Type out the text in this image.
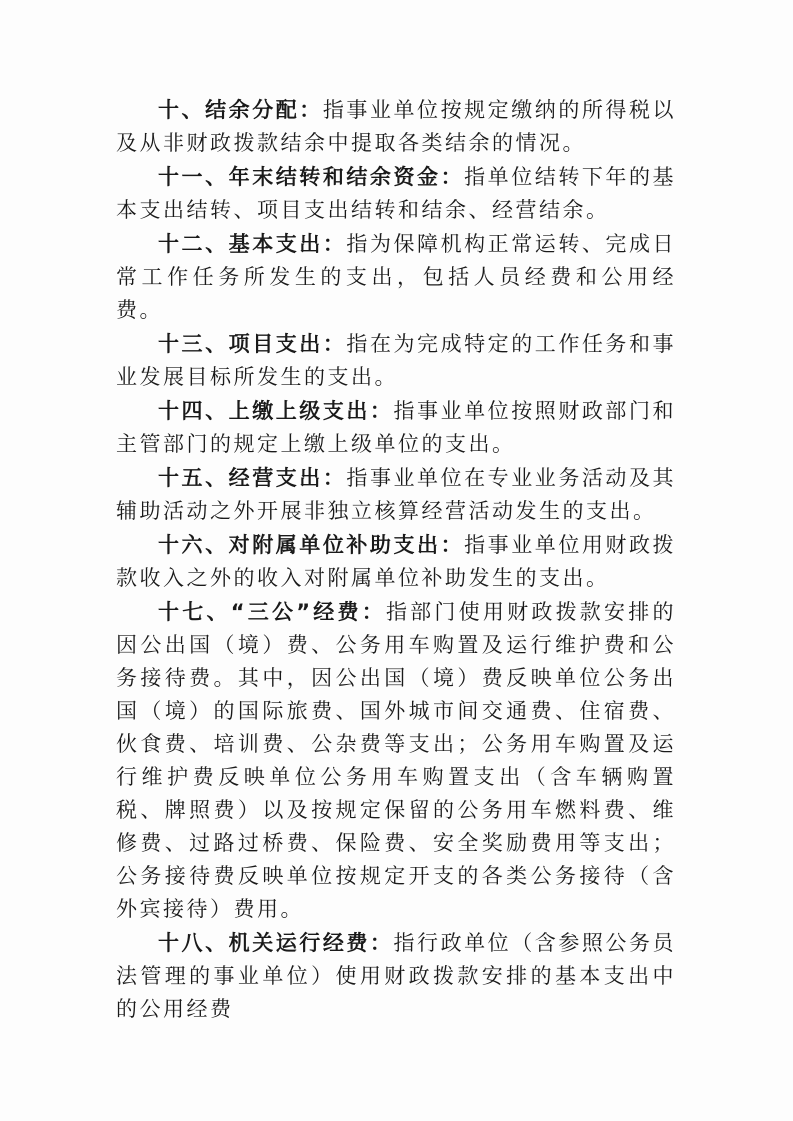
十、结余分配：指事业单位按规定缴纳的所得税以及从非财政拨款结余中提取各类结余的情况。

十一、年末结转和结余资金：指单位结转下年的基本支出结转、项目支出结转和结余、经营结余。

十二、基本支出：指为保障机构正常运转、完成日常工作任务所发生的支出，包括人员经费和公用经费。

十三、项目支出：指在为完成特定的工作任务和事业发展目标所发生的支出。

十四、上缴上级支出：指事业单位按照财政部门和主管部门的规定上缴上级单位的支出。

十五、经营支出：指事业单位在专业业务活动及其辅助活动之外开展非独立核算经营活动发生的支出。

十六、对附属单位补助支出：指事业单位用财政拨款收入之外的收入对附属单位补助发生的支出。

十七、“三公”经费：指部门使用财政拨款安排的因公出国（境）费、公务用车购置及运行维护费和公务接待费。其中，因公出国（境）费反映单位公务出国（境）的国际旅费、国外城市间交通费、住宿费、伙食费、培训费、公杂费等支出；公务用车购置及运行维护费反映单位公务用车购置支出（含车辆购置税、牌照费）以及按规定保留的公务用车燃料费、维修费、过路过桥费、保险费、安全奖励费用等支出；公务接待费反映单位按规定开支的各类公务接待（含外宾接待）费用。

十八、机关运行经费：指行政单位（含参照公务员法管理的事业单位）使用财政拨款安排的基本支出中的公用经费
